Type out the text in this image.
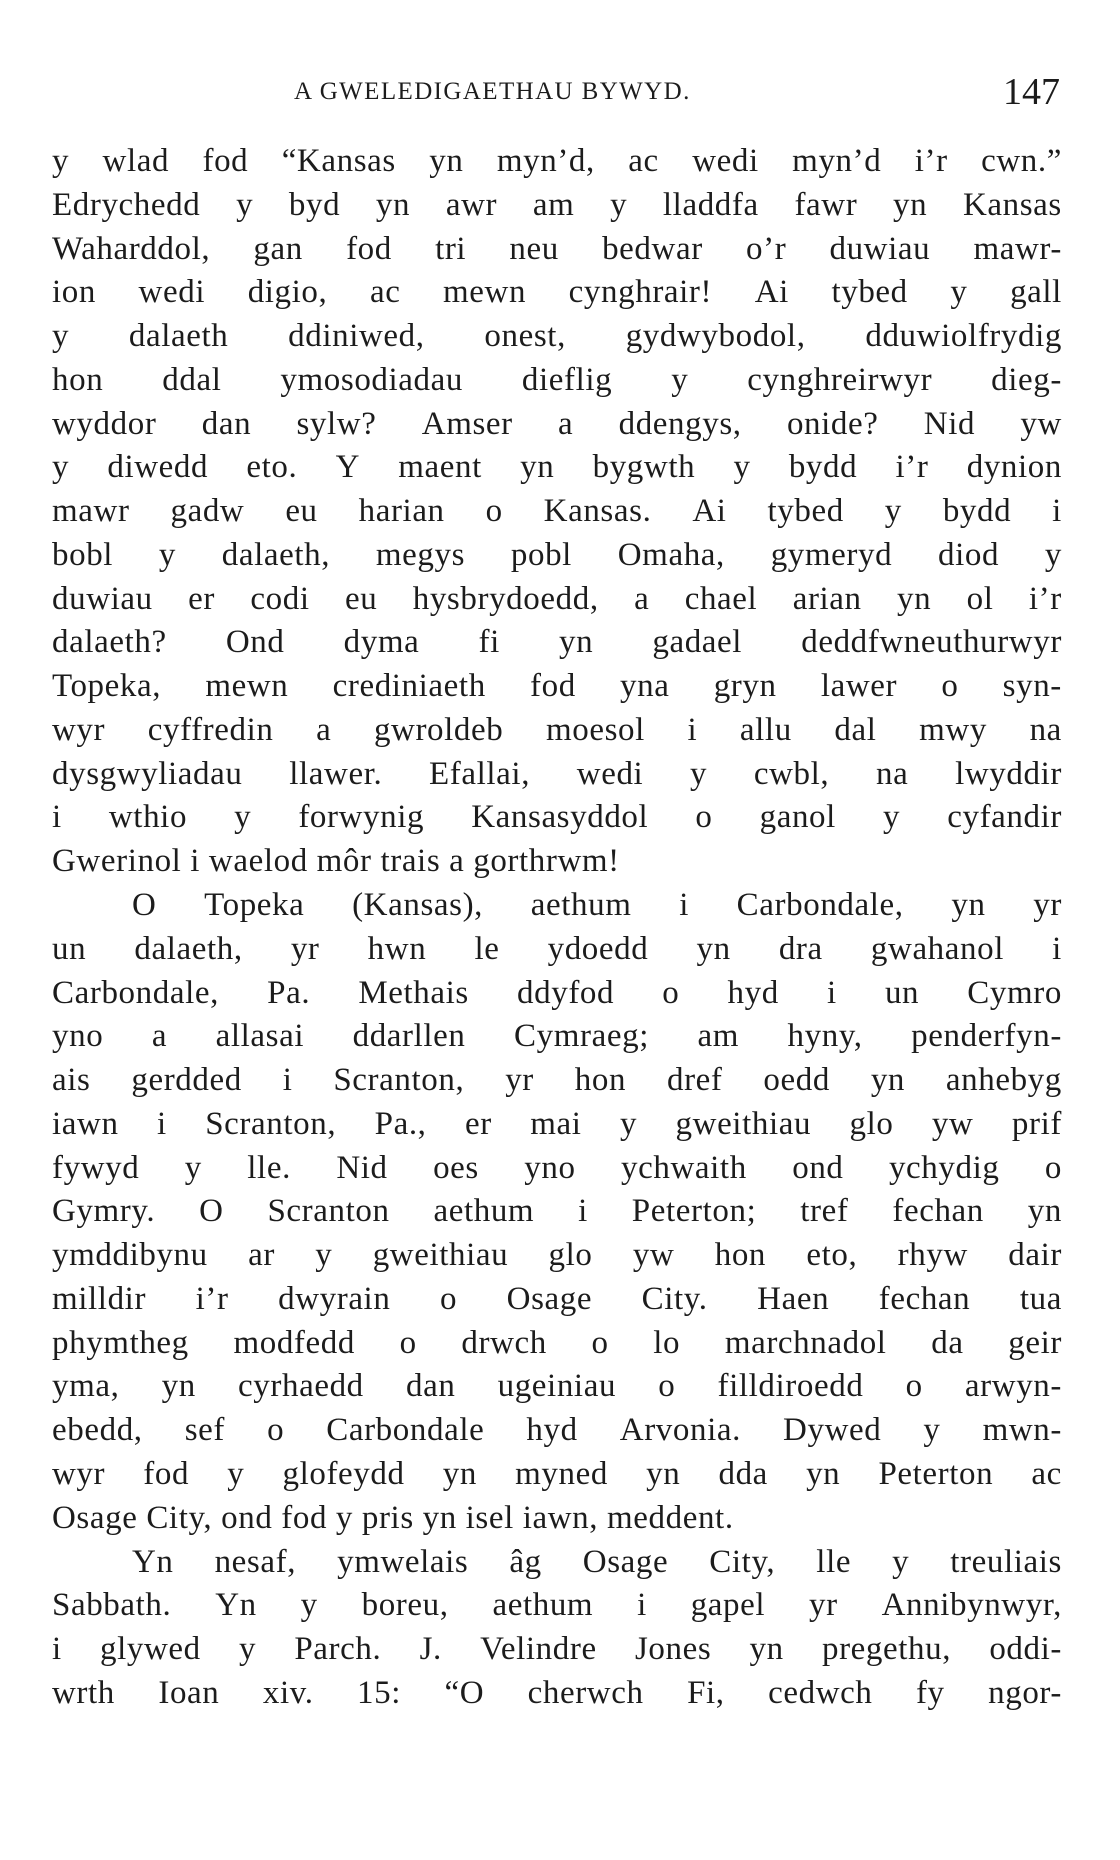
A GWELEDIGAETHAU BYWYD.	147
y wlad fod “Kansas yn myn’d, ac wedi myn’d i’r cwn.”
Edrychedd y byd yn awr am y lladdfa fawr yn Kansas
Waharddol, gan fod tri neu bedwar o’r duwiau mawr-
ion wedi digio, ac mewn cynghrair! Ai tybed y gall
y dalaeth ddiniwed, onest, gydwybodol, dduwiolfrydig
hon ddal ymosodiadau dieflig y cynghreirwyr dieg-
wyddor dan sylw? Amser a ddengys, onide? Nid yw
y diwedd eto. Y maent yn bygwth y bydd i’r dynion
mawr gadw eu harian o Kansas. Ai tybed y bydd i
bobl y dalaeth, megys pobl Omaha, gymeryd diod y
duwiau er codi eu hysbrydoedd, a chael arian yn ol i’r
dalaeth? Ond dyma fi yn gadael deddfwneuthurwyr
Topeka, mewn crediniaeth fod yna gryn lawer o syn-
wyr cyffredin a gwroldeb moesol i allu dal mwy na
dysgwyliadau llawer. Efallai, wedi y cwbl, na lwyddir
i wthio y forwynig Kansasyddol o ganol y cyfandir
Gwerinol i waelod môr trais a gorthrwm!
O Topeka (Kansas), aethum i Carbondale, yn yr
un dalaeth, yr hwn le ydoedd yn dra gwahanol i
Carbondale, Pa. Methais ddyfod o hyd i un Cymro
yno a allasai ddarllen Cymraeg; am hyny, penderfyn-
ais gerdded i Scranton, yr hon dref oedd yn anhebyg
iawn i Scranton, Pa., er mai y gweithiau glo yw prif
fywyd y lle. Nid oes yno ychwaith ond ychydig o
Gymry. O Scranton aethum i Peterton; tref fechan yn
ymddibynu ar y gweithiau glo yw hon eto, rhyw dair
milldir i’r dwyrain o Osage City. Haen fechan tua
phymtheg modfedd o drwch o lo marchnadol da geir
yma, yn cyrhaedd dan ugeiniau o filldiroedd o arwyn-
ebedd, sef o Carbondale hyd Arvonia. Dywed y mwn-
wyr fod y glofeydd yn myned yn dda yn Peterton ac
Osage City, ond fod y pris yn isel iawn, meddent.
Yn nesaf, ymwelais âg Osage City, lle y treuliais
Sabbath. Yn y boreu, aethum i gapel yr Annibynwyr,
i glywed y Parch. J. Velindre Jones yn pregethu, oddi-
wrth Ioan xiv. 15: “O cherwch Fi, cedwch fy ngor-
